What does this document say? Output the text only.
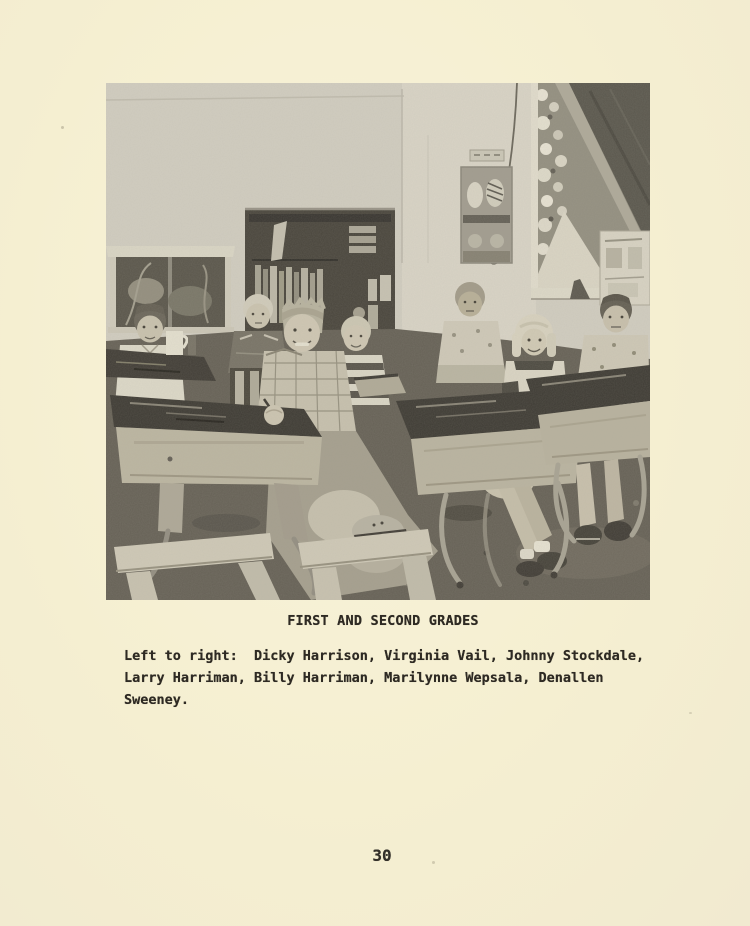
FIRST AND SECOND GRADES
Left to right:  Dicky Harrison, Virginia Vail, Johnny Stockdale,
Larry Harriman, Billy Harriman, Marilynne Wepsala, Denallen
Sweeney.
30
